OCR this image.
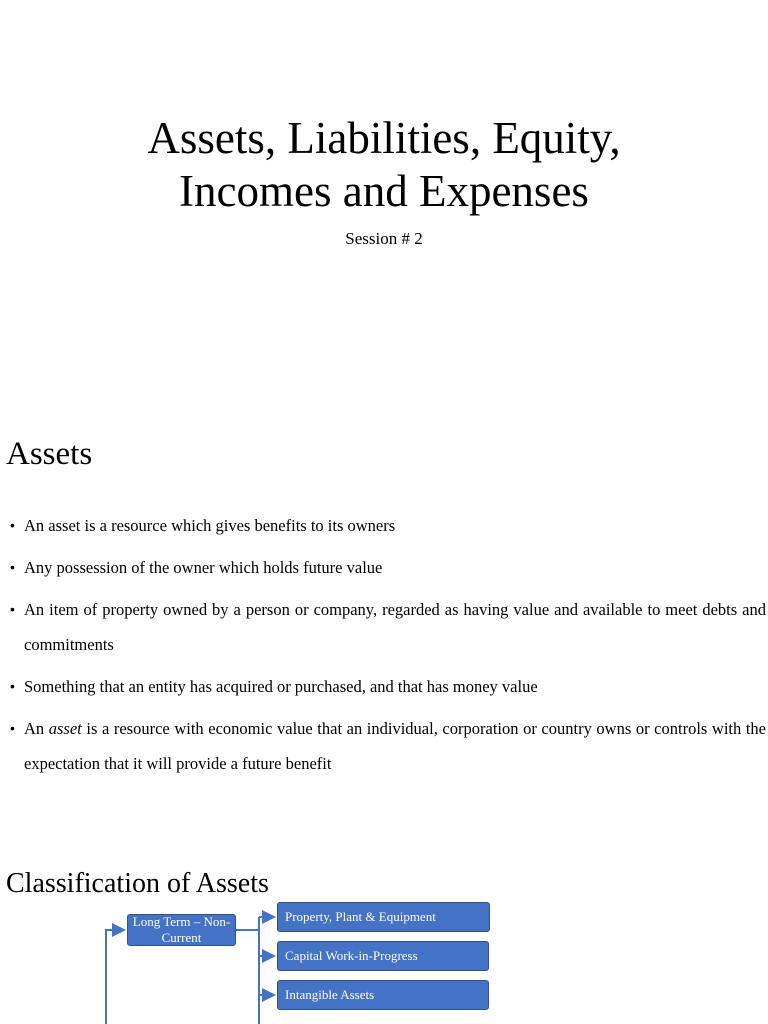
Assets, Liabilities, Equity,
Incomes and Expenses

Session # 2

Assets
• An asset is a resource which gives benefits to its owners
• Any possession of the owner which holds future value
• An item of property owned by a person or company, regarded as having value and available to meet debts and commitments
• Something that an entity has acquired or purchased, and that has money value
• An asset is a resource with economic value that an individual, corporation or country owns or controls with the expectation that it will provide a future benefit
Classification of Assets
Long Term – Non-Current
Property, Plant & Equipment
Capital Work-in-Progress
Intangible Assets
